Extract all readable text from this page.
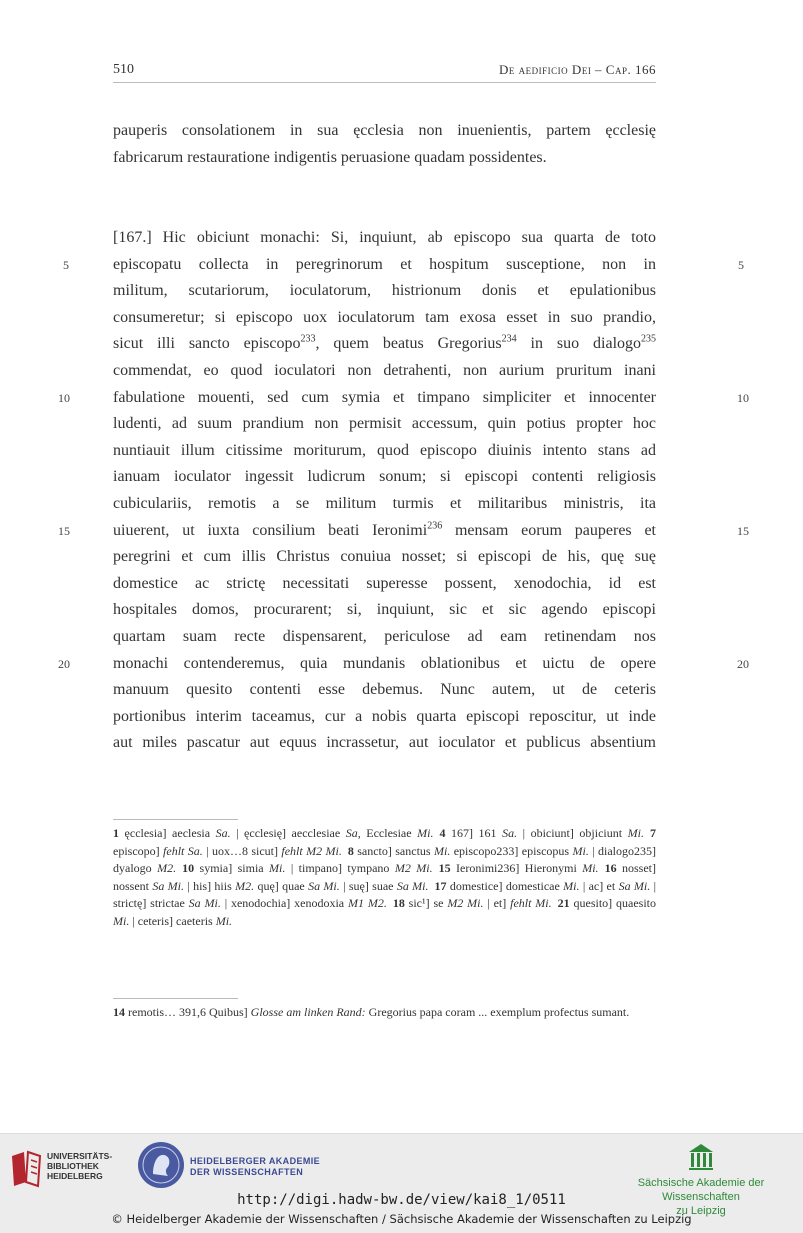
510	De aedificio Dei – Cap. 166
pauperis consolationem in sua ęcclesia non inuenientis, partem ęcclesię
fabricarum restauratione indigentis peruasione quadam possidentes.
[167.] Hic obiciunt monachi: Si, inquiunt, ab episcopo sua quarta de toto
episcopatu collecta in peregrinorum et hospitum susceptione, non in
militum, scutariorum, ioculatorum, histrionum donis et epulationibus
consumeretur; si episcopo uox ioculatorum tam exosa esset in suo prandio,
sicut illi sancto episcopo$^{233}$, quem beatus Gregorius$^{234}$ in suo dialogo$^{235}$
commendat, eo quod ioculatori non detrahenti, non aurium pruritum inani
fabulatione mouenti, sed cum symia et timpano simpliciter et innocenter
ludenti, ad suum prandium non permisit accessum, quin potius propter hoc
nuntiauit illum citissime moriturum, quod episcopo diuinis intento stans ad
ianuam ioculator ingessit ludicrum sonum; si episcopi contenti religiosis
cubiculariis, remotis a se militum turmis et militaribus ministris, ita
uiuerent, ut iuxta consilium beati Ieronimi$^{236}$ mensam eorum pauperes et
peregrini et cum illis Christus conuiua nosset; si episcopi de his, quę suę
domestice ac strictę necessitati superesse possent, xenodochia, id est
hospitales domos, procurarent; si, inquiunt, sic et sic agendo episcopi
quartam suam recte dispensarent, periculose ad eam retinendam nos
monachi contenderemus, quia mundanis oblationibus et uictu de opere
manuum quesito contenti esse debemus. Nunc autem, ut de ceteris
portionibus interim taceamus, cur a nobis quarta episcopi reposcitur, ut inde
aut miles pascatur aut equus incrassetur, aut ioculator et publicus absentium
5	5
10	10
15	15
20	20
1 ęcclesia] aeclesia Sa. | ęcclesię] aecclesiae Sa, Ecclesiae Mi.  4 167] 161 Sa. | obiciunt] objiciunt Mi.  7 episcopo] fehlt Sa. | uox…8 sicut] fehlt M2 Mi.  8 sancto] sanctus Mi. episcopo233] episcopus Mi. | dialogo235] dyalogo M2.  10 symia] simia Mi. | timpano] tympano M2 Mi.  15 Ieronimi236] Hieronymi Mi.  16 nosset] nossent Sa Mi. | his] hiis M2. quę] quae Sa Mi. | suę] suae Sa Mi.  17 domestice] domesticae Mi. | ac] et Sa Mi. | strictę] strictae Sa Mi. | xenodochia] xenodoxia M1 M2.  18 sic¹] se M2 Mi. | et] fehlt Mi.  21 quesito] quaesito Mi. | ceteris] caeteris Mi.
14 remotis… 391,6 Quibus] Glosse am linken Rand: Gregorius papa coram ... exemplum profectus sumant.
UNIVERSITÄTS-
BIBLIOTHEK
HEIDELBERG
HEIDELBERGER AKADEMIE
DER WISSENSCHAFTEN
Sächsische Akademie der Wissenschaften
zu Leipzig
http://digi.hadw-bw.de/view/kai8_1/0511
© Heidelberger Akademie der Wissenschaften / Sächsische Akademie der Wissenschaften zu Leipzig
